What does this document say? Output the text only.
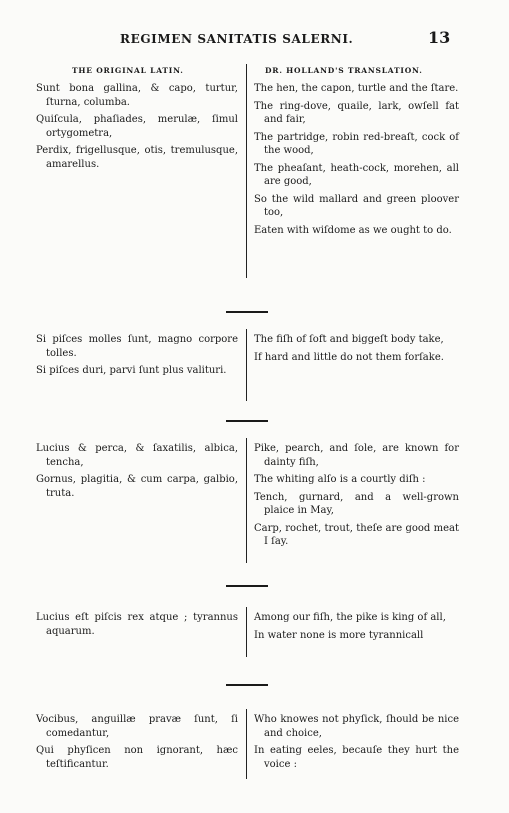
REGIMEN SANITATIS SALERNI.	13
THE ORIGINAL LATIN.	DR. HOLLAND'S TRANSLATION.

Sunt bona gallina, & capo, turtur, ſturna, columba.

Quiſcula, phaſiades, merulæ, ſimul ortygometra,

Perdix, frigellusque, otis, tremulusque, amarellus.

The hen, the capon, turtle and the ſtare.

The ring-dove, quaile, lark, owſell fat and fair,

The partridge, robin red-breaſt, cock of the wood,

The pheaſant, heath-cock, morehen, all are good,

So the wild mallard and green ploover too,

Eaten with wiſdome as we ought to do.

Si piſces molles ſunt, magno corpore tolles.

Si piſces duri, parvi ſunt plus valituri.

The fiſh of ſoft and biggeſt body take,

If hard and little do not them forſake.

Lucius & perca, & ſaxatilis, albica, tencha,

Gornus, plagitia, & cum carpa, galbio, truta.

Pike, pearch, and ſole, are known for dainty fiſh,

The whiting alſo is a courtly diſh :

Tench, gurnard, and a well-grown plaice in May,

Carp, rochet, trout, theſe are good meat I ſay.

Lucius eſt piſcis rex atque ; tyrannus aquarum.

Among our fiſh, the pike is king of all,

In water none is more tyrannicall

Vocibus, anguillæ pravæ ſunt, ſi comedantur,

Qui phyſicen non ignorant, hæc teſtificantur.

Who knowes not phyſick, ſhould be nice and choice,

In eating eeles, becauſe they hurt the voice :
